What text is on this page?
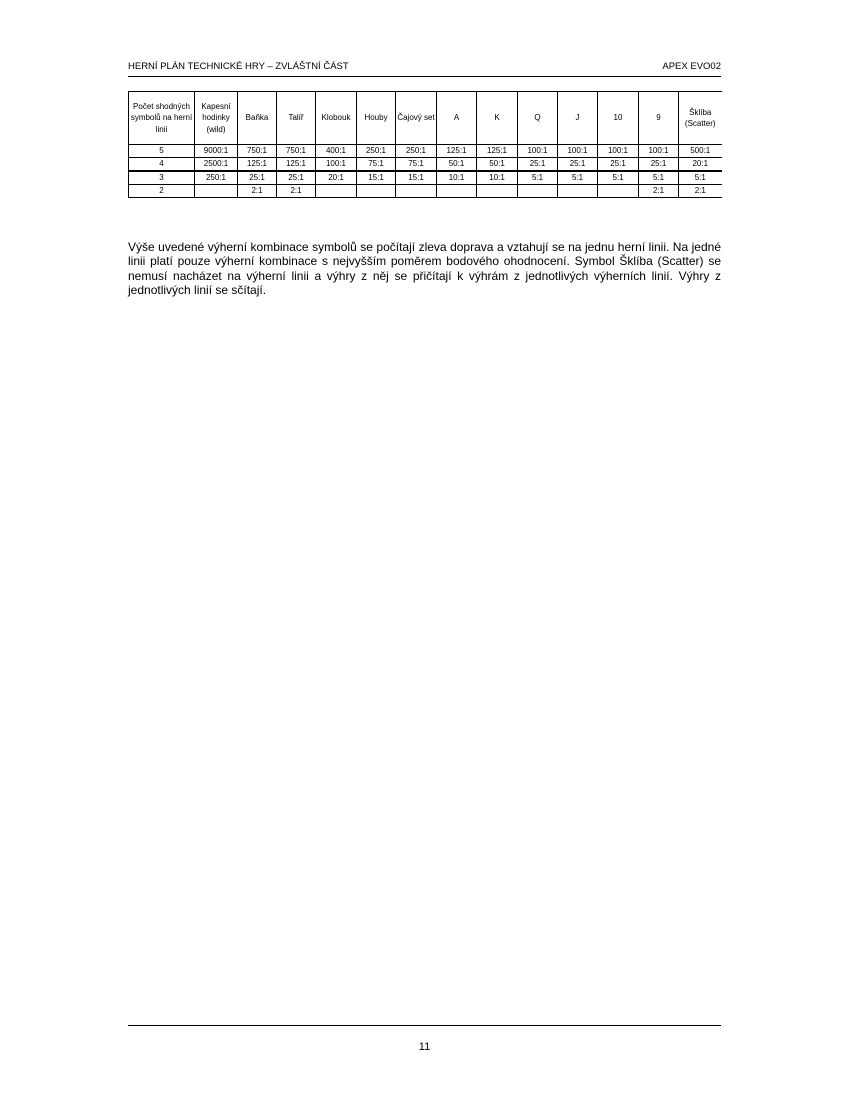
HERNÍ PLÁN TECHNICKÉ HRY – ZVLÁŠTNÍ ČÁST	APEX EVO02
Počet shodných symbolů na herní linii	Kapesní hodinky (wild)	Baňka	Talíř	Klobouk	Houby	Čajový set	A	K	Q	J	10	9	Šklíba (Scatter)
5	9000:1	750:1	750:1	400:1	250:1	250:1	125:1	125:1	100:1	100:1	100:1	100:1	500:1
4	2500:1	125:1	125:1	100:1	75:1	75:1	50:1	50:1	25:1	25:1	25:1	25:1	20:1
3	250:1	25:1	25:1	20:1	15:1	15:1	10:1	10:1	5:1	5:1	5:1	5:1	5:1
2		2:1	2:1									2:1	2:1

Výše uvedené výherní kombinace symbolů se počítají zleva doprava a vztahují se na jednu herní linii. Na jedné linii platí pouze výherní kombinace s nejvyšším poměrem bodového ohodnocení. Symbol Šklíba (Scatter) se nemusí nacházet na výherní linii a výhry z něj se přičítají k výhrám z jednotlivých výherních linií. Výhry z jednotlivých linií se sčítají.

11
